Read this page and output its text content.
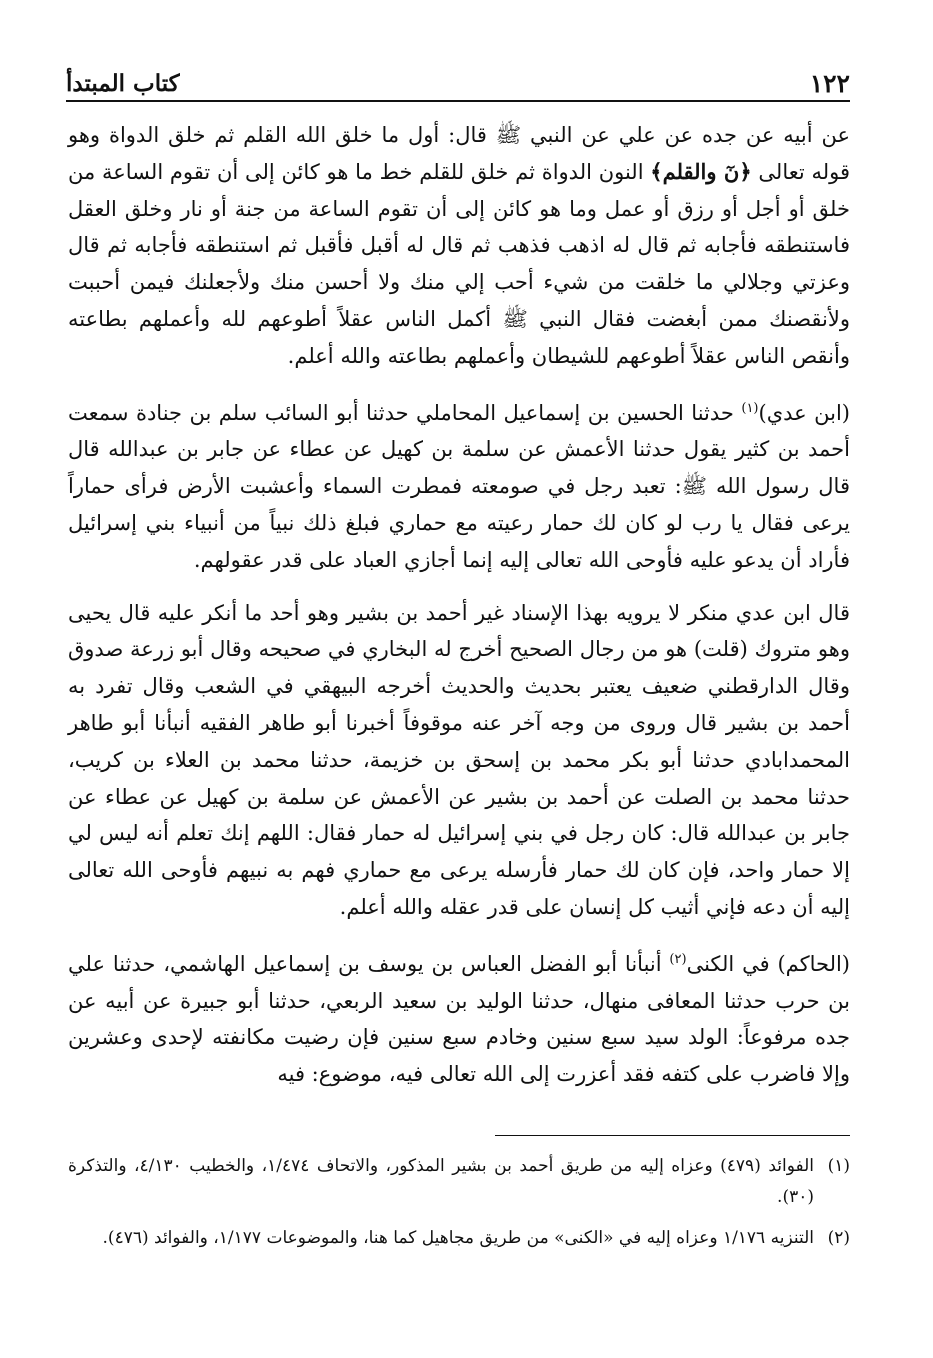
١٢٢
كتاب المبتدأ

عن أبيه عن جده عن علي عن النبي ﷺ قال: أول ما خلق الله القلم ثم خلق الدواة وهو قوله تعالى ﴿نٓ والقلم﴾ النون الدواة ثم خلق للقلم خط ما هو كائن إلى أن تقوم الساعة من خلق أو أجل أو رزق أو عمل وما هو كائن إلى أن تقوم الساعة من جنة أو نار وخلق العقل فاستنطقه فأجابه ثم قال له اذهب فذهب ثم قال له أقبل فأقبل ثم استنطقه فأجابه ثم قال وعزتي وجلالي ما خلقت من شيء أحب إلي منك ولا أحسن منك ولأجعلنك فيمن أحببت ولأنقصنك ممن أبغضت فقال النبي ﷺ أكمل الناس عقلاً أطوعهم لله وأعملهم بطاعته وأنقص الناس عقلاً أطوعهم للشيطان وأعملهم بطاعته والله أعلم.

(ابن عدي)$^{(١)}$ حدثنا الحسين بن إسماعيل المحاملي حدثنا أبو السائب سلم بن جنادة سمعت أحمد بن كثير يقول حدثنا الأعمش عن سلمة بن كهيل عن عطاء عن جابر بن عبدالله قال قال رسول الله ﷺ: تعبد رجل في صومعته فمطرت السماء وأعشبت الأرض فرأى حماراً يرعى فقال يا رب لو كان لك حمار رعيته مع حماري فبلغ ذلك نبياً من أنبياء بني إسرائيل فأراد أن يدعو عليه فأوحى الله تعالى إليه إنما أجازي العباد على قدر عقولهم.

قال ابن عدي منكر لا يرويه بهذا الإسناد غير أحمد بن بشير وهو أحد ما أنكر عليه قال يحيى وهو متروك (قلت) هو من رجال الصحيح أخرج له البخاري في صحيحه وقال أبو زرعة صدوق وقال الدارقطني ضعيف يعتبر بحديث والحديث أخرجه البيهقي في الشعب وقال تفرد به أحمد بن بشير قال وروى من وجه آخر عنه موقوفاً أخبرنا أبو طاهر الفقيه أنبأنا أبو طاهر المحمدابادي حدثنا أبو بكر محمد بن إسحق بن خزيمة، حدثنا محمد بن العلاء بن كريب، حدثنا محمد بن الصلت عن أحمد بن بشير عن الأعمش عن سلمة بن كهيل عن عطاء عن جابر بن عبدالله قال: كان رجل في بني إسرائيل له حمار فقال: اللهم إنك تعلم أنه ليس لي إلا حمار واحد، فإن كان لك حمار فأرسله يرعى مع حماري فهم به نبيهم فأوحى الله تعالى إليه أن دعه فإني أثيب كل إنسان على قدر عقله والله أعلم.

(الحاكم) في الكنى$^{(٢)}$ أنبأنا أبو الفضل العباس بن يوسف بن إسماعيل الهاشمي، حدثنا علي بن حرب حدثنا المعافى منهال، حدثنا الوليد بن سعيد الربعي، حدثنا أبو جبيرة عن أبيه عن جده مرفوعاً: الولد سيد سبع سنين وخادم سبع سنين فإن رضيت مكانفته لإحدى وعشرين وإلا فاضرب على كتفه فقد أعزرت إلى الله تعالى فيه، موضوع: فيه

(١)
الفوائد (٤٧٩) وعزاه إليه من طريق أحمد بن بشير المذكور، والاتحاف ١/٤٧٤، والخطيب ٤/١٣٠، والتذكرة (٣٠).
(٢)
التنزيه ١/١٧٦ وعزاه إليه في «الكنى» من طريق مجاهيل كما هنا، والموضوعات ١/١٧٧، والفوائد (٤٧٦).
